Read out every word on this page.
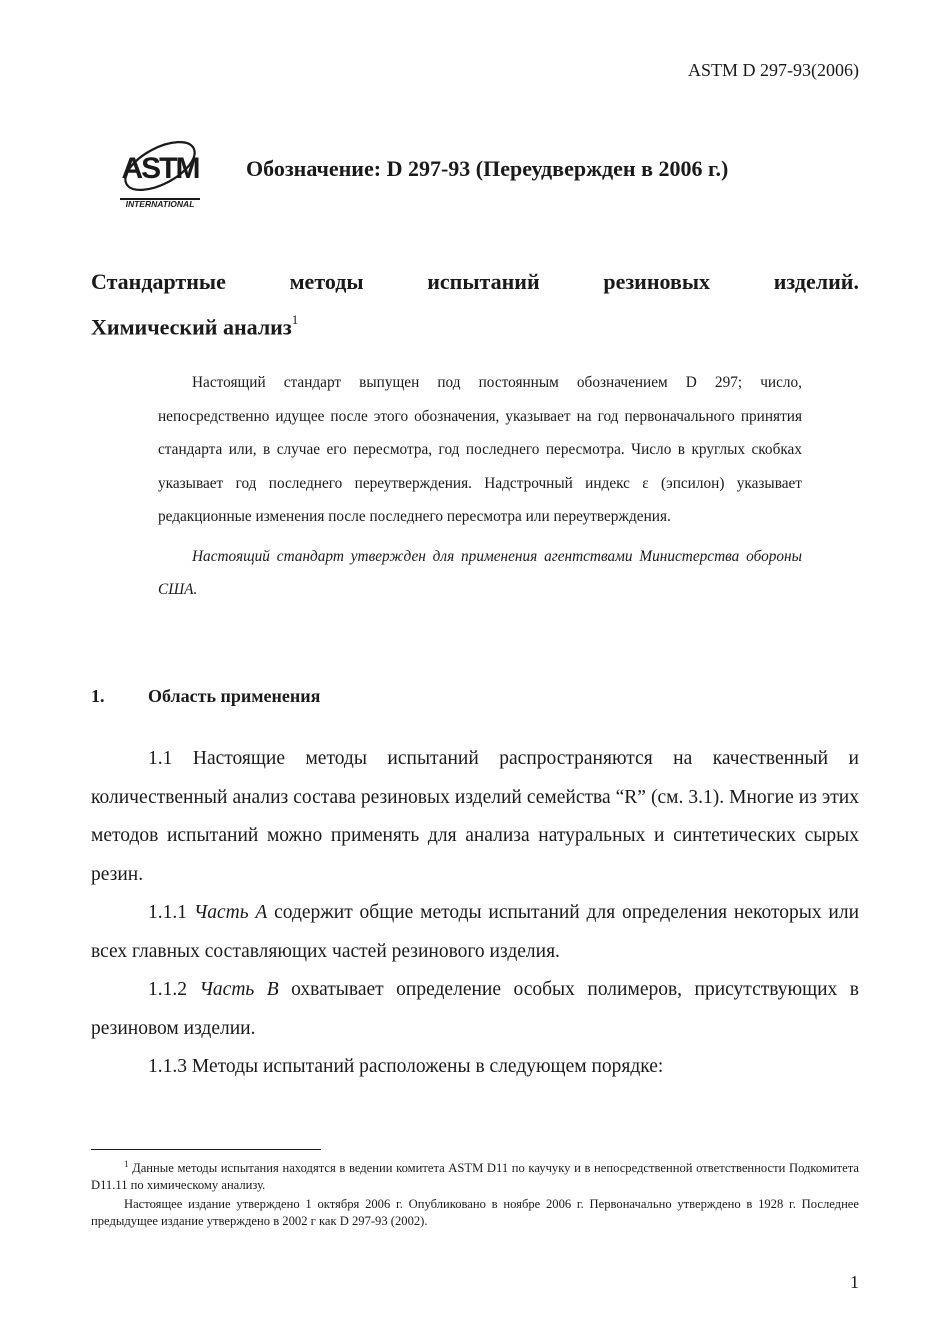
ASTM D 297-93(2006)
ASTM
INTERNATIONAL
Обозначение: D 297-93 (Переудвержден в 2006 г.)
Стандартные	методы	испытаний	резиновых	изделий.
Химический анализ$^1$

Настоящий стандарт выпущен под постоянным обозначением D 297; число, непосредственно идущее после этого обозначения, указывает на год первоначального принятия стандарта или, в случае его пересмотра, год последнего пересмотра. Число в круглых скобках указывает год последнего переутверждения. Надстрочный индекс ε (эпсилон) указывает редакционные изменения после последнего пересмотра или переутверждения.

Настоящий стандарт утвержден для применения агентствами Министерства обороны США.

1. Область применения

1.1 Настоящие методы испытаний распространяются на качественный и количественный анализ состава резиновых изделий семейства “R” (см. 3.1). Многие из этих методов испытаний можно применять для анализа натуральных и синтетических сырых резин.

1.1.1 Часть А содержит общие методы испытаний для определения некоторых или всех главных составляющих частей резинового изделия.

1.1.2 Часть В охватывает определение особых полимеров, присутствующих в резиновом изделии.

1.1.3 Методы испытаний расположены в следующем порядке:

$^1$ Данные методы испытания находятся в ведении комитета ASTM D11 по каучуку и в непосредственной ответственности Подкомитета D11.11 по химическому анализу.

Настоящее издание утверждено 1 октября 2006 г. Опубликовано в ноябре 2006 г. Первоначально утверждено в 1928 г. Последнее предыдущее издание утверждено в 2002 г как D 297-93 (2002).

1
